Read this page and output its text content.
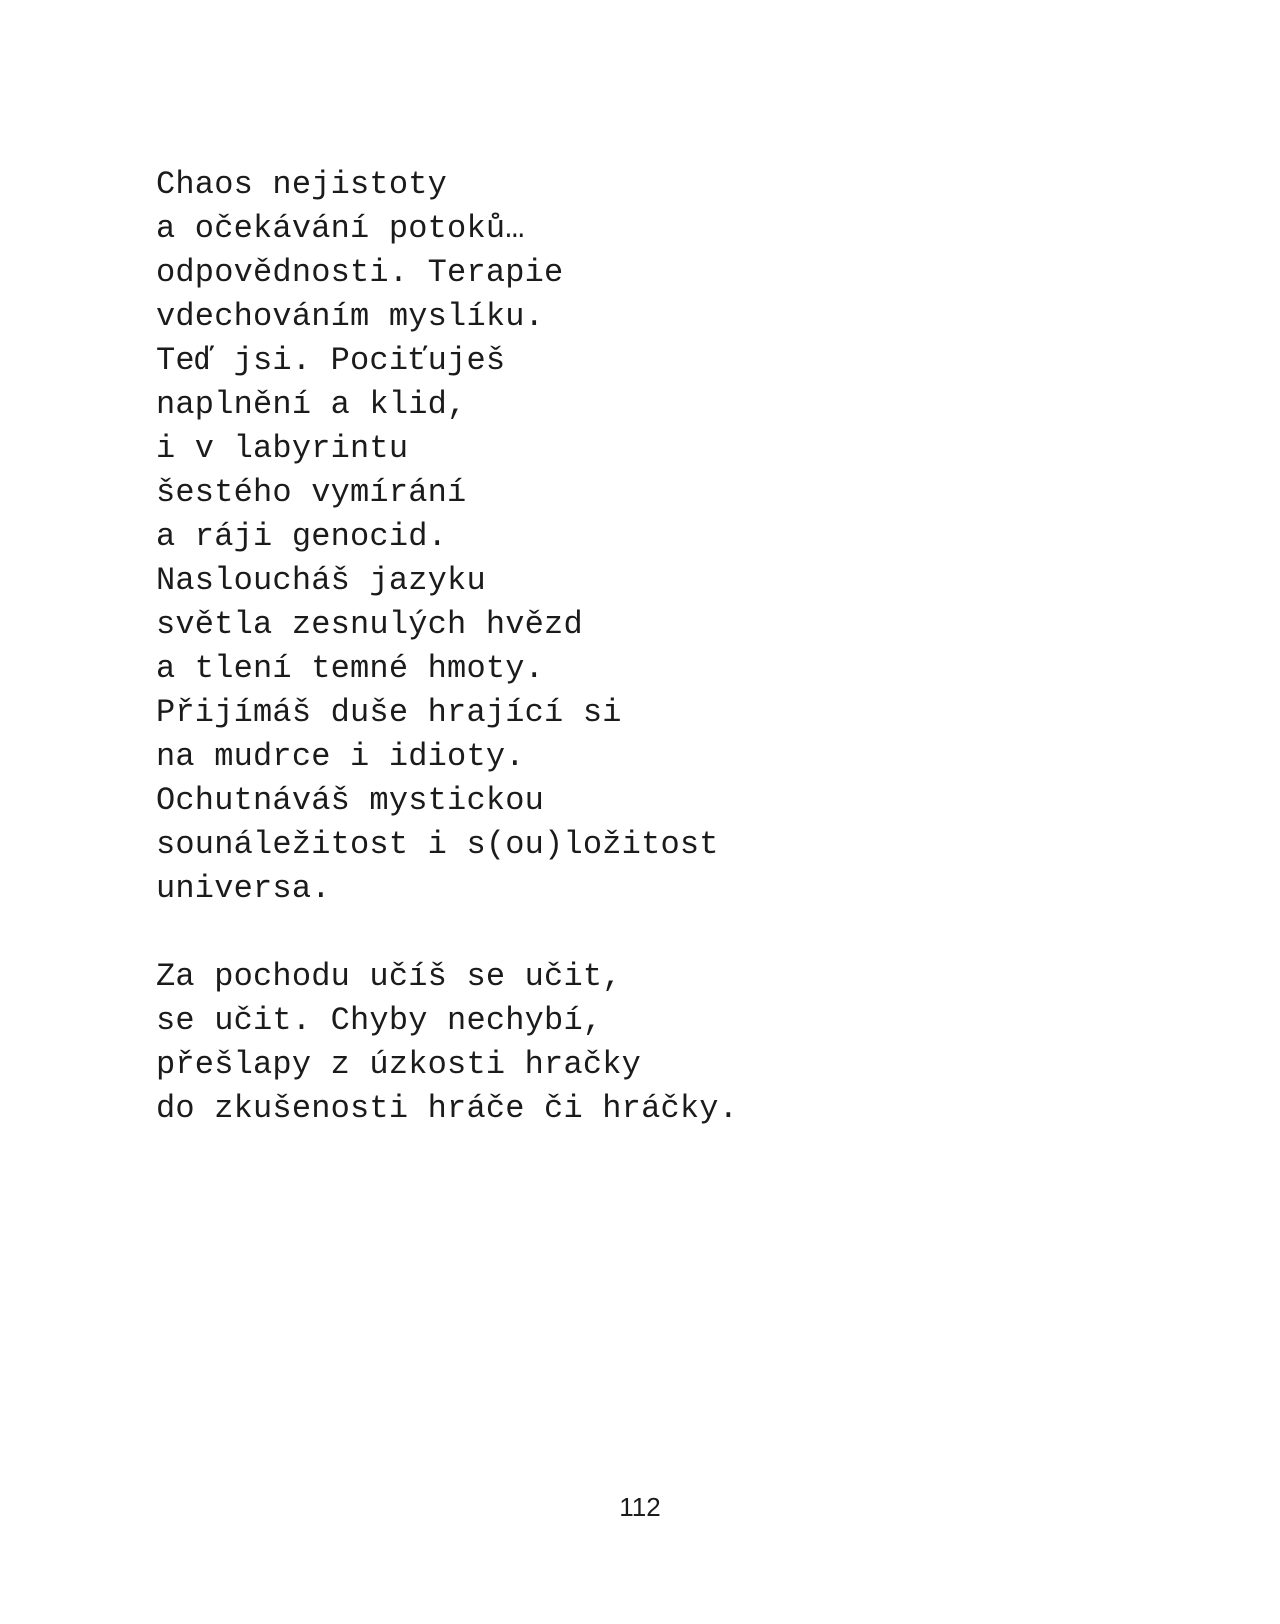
Chaos nejistoty
a očekávání potoků…
odpovědnosti. Terapie
vdechováním myslíku.
Teď jsi. Pociťuješ
naplnění a klid,
i v labyrintu
šestého vymírání
a ráji genocid.
Nasloucháš jazyku
světla zesnulých hvězd
a tlení temné hmoty.
Přijímáš duše hrající si
na mudrce i idioty.
Ochutnáváš mystickou
sounáležitost i s(ou)ložitost
universa.
Za pochodu učíš se učit,
se učit. Chyby nechybí,
přešlapy z úzkosti hračky
do zkušenosti hráče či hráčky.
112
